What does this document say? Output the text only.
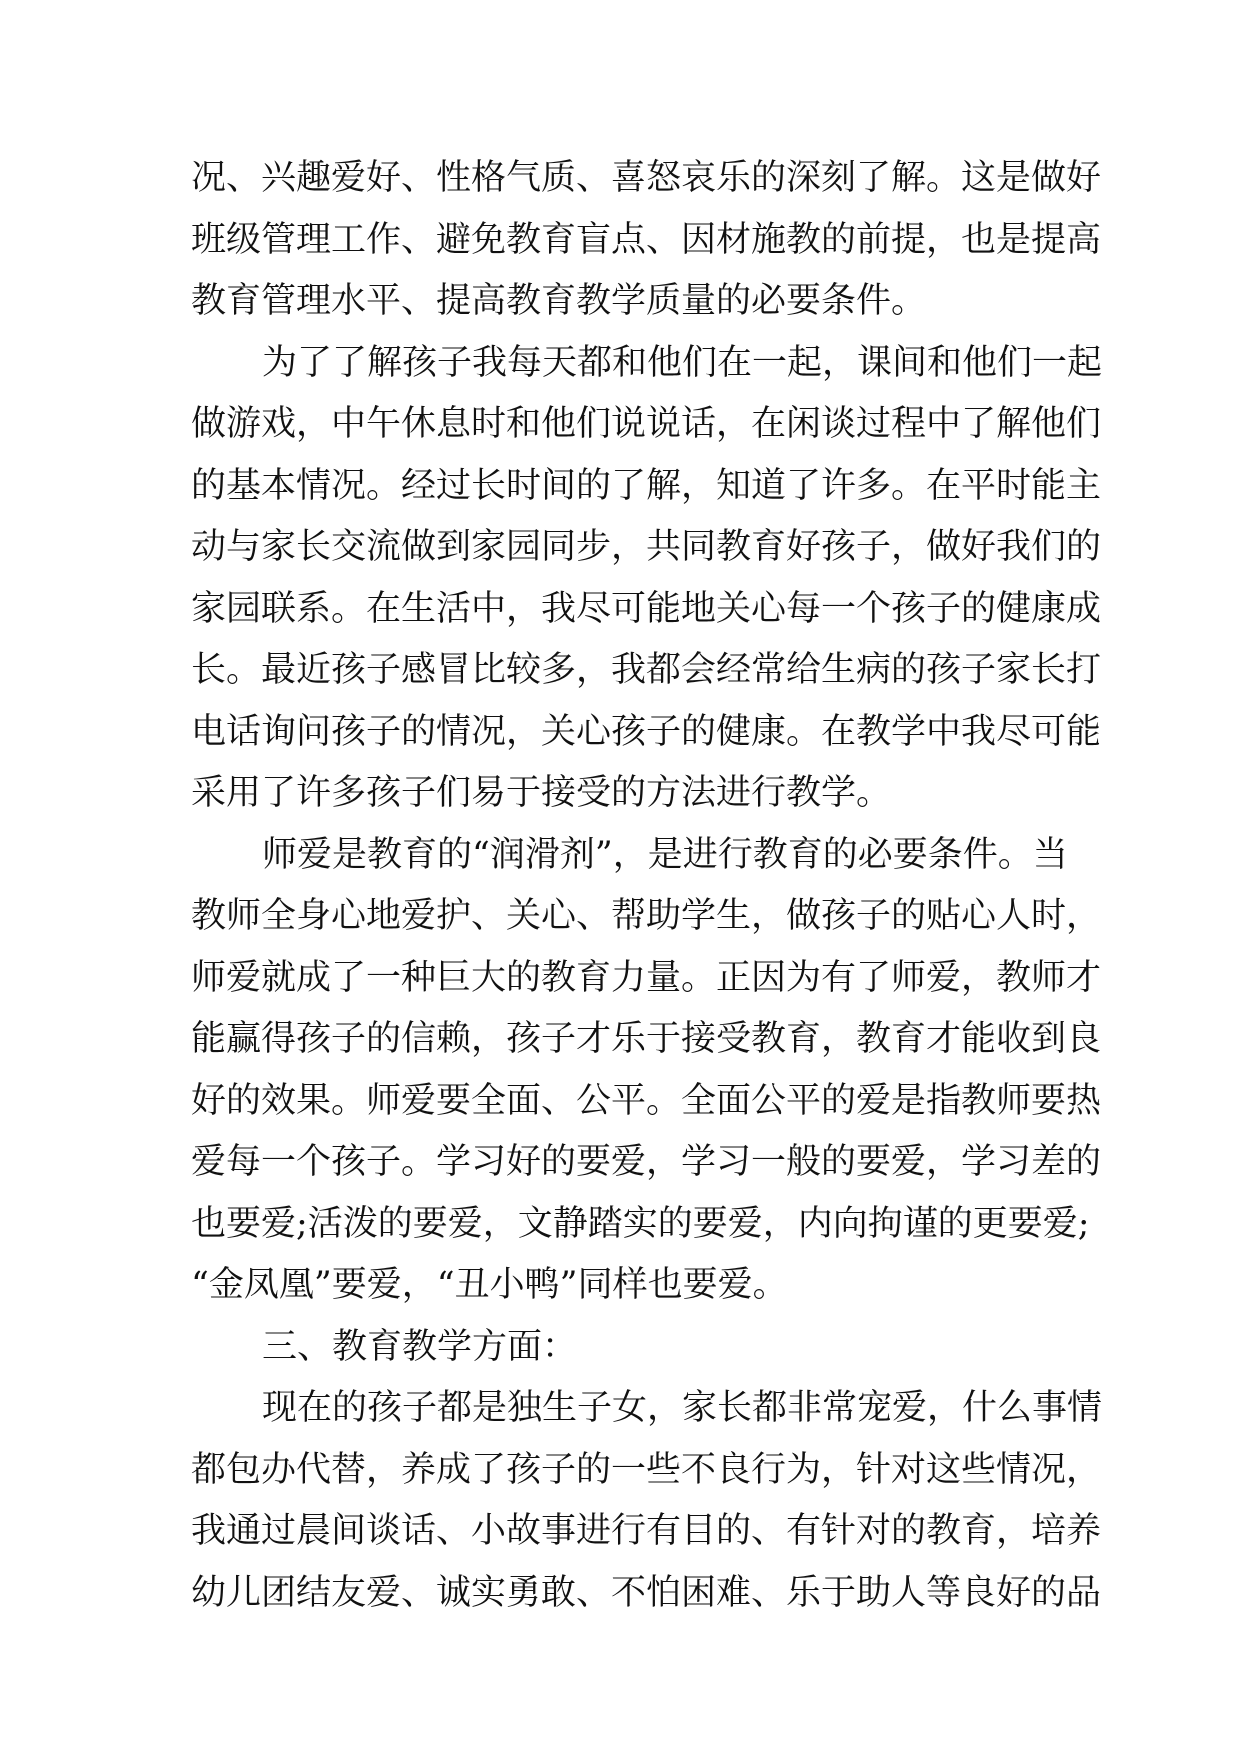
况、兴趣爱好、性格气质、喜怒哀乐的深刻了解。这是做好
班级管理工作、避免教育盲点、因材施教的前提，也是提高
教育管理水平、提高教育教学质量的必要条件。
为了了解孩子我每天都和他们在一起，课间和他们一起
做游戏，中午休息时和他们说说话，在闲谈过程中了解他们
的基本情况。经过长时间的了解，知道了许多。在平时能主
动与家长交流做到家园同步，共同教育好孩子，做好我们的
家园联系。在生活中，我尽可能地关心每一个孩子的健康成
长。最近孩子感冒比较多，我都会经常给生病的孩子家长打
电话询问孩子的情况，关心孩子的健康。在教学中我尽可能
采用了许多孩子们易于接受的方法进行教学。
师爱是教育的“润滑剂”，是进行教育的必要条件。当
教师全身心地爱护、关心、帮助学生，做孩子的贴心人时，
师爱就成了一种巨大的教育力量。正因为有了师爱，教师才
能赢得孩子的信赖，孩子才乐于接受教育，教育才能收到良
好的效果。师爱要全面、公平。全面公平的爱是指教师要热
爱每一个孩子。学习好的要爱，学习一般的要爱，学习差的
也要爱;活泼的要爱，文静踏实的要爱，内向拘谨的更要爱;
“金凤凰”要爱，“丑小鸭”同样也要爱。
三、教育教学方面：
现在的孩子都是独生子女，家长都非常宠爱，什么事情
都包办代替，养成了孩子的一些不良行为，针对这些情况，
我通过晨间谈话、小故事进行有目的、有针对的教育，培养
幼儿团结友爱、诚实勇敢、不怕困难、乐于助人等良好的品
